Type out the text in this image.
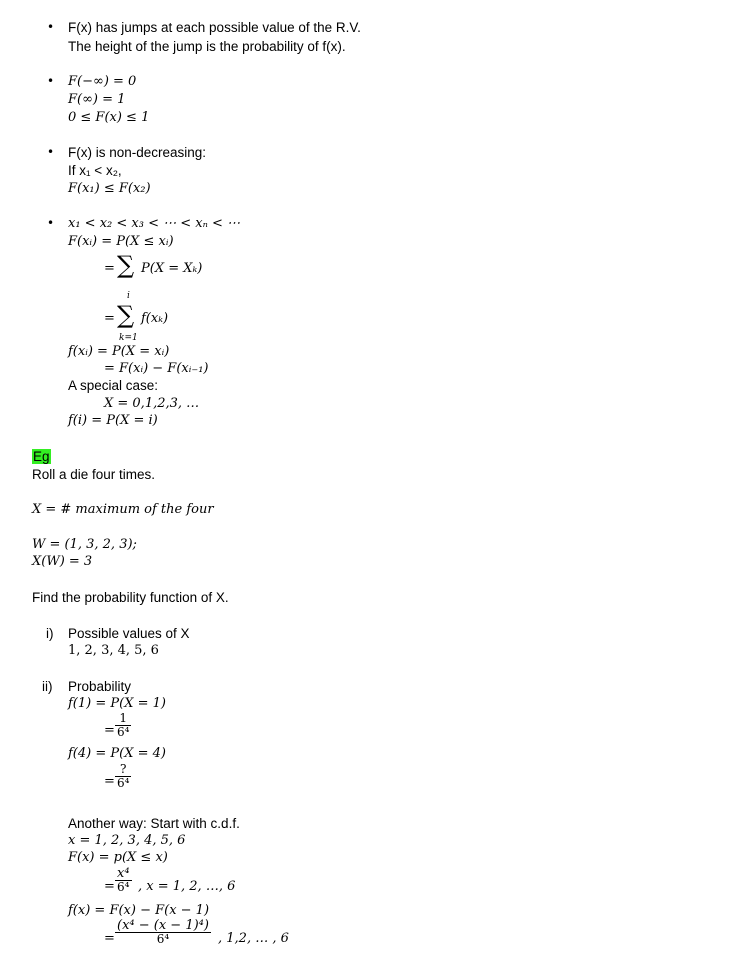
• F(x) has jumps at each possible value of the R.V.
The height of the jump is the probability of f(x).
• F(−∞) = 0
F(∞) = 1
0 ≤ F(x) ≤ 1
• F(x) is non-decreasing:
If x₁ < x₂,
F(x₁) ≤ F(x₂)
• x₁ < x₂ < x₃ < ⋯ < xₙ < ⋯
F(xᵢ) = P(X ≤ xᵢ)
= ∑ P(X = Xₖ)
i
= ∑
k=1
f(xₖ)
f(xᵢ) = P(X = xᵢ)
= F(xᵢ) − F(xᵢ₋₁)
A special case:
X = 0,1,2,3, …
f(i) = P(X = i)
Eg
Roll a die four times.
X = # maximum of the four
W = (1, 3, 2, 3);
X(W) = 3
Find the probability function of X.
i) Possible values of X
1, 2, 3, 4, 5, 6
ii) Probability
f(1) = P(X = 1)
= $\frac{1}{\text{6⁴}}$
f(4) = P(X = 4)
=
?
6⁴
Another way: Start with c.d.f.
x = 1, 2, 3, 4, 5, 6
F(x) = p(X ≤ x)
= $\frac{\text{x⁴}}{\text{6⁴}}$ , x = 1, 2, …, 6
f(x) = F(x) − F(x − 1)
= $\frac{\text{(x⁴ − (x − 1)⁴)}}{\text{6⁴}}$ , 1,2, … , 6
